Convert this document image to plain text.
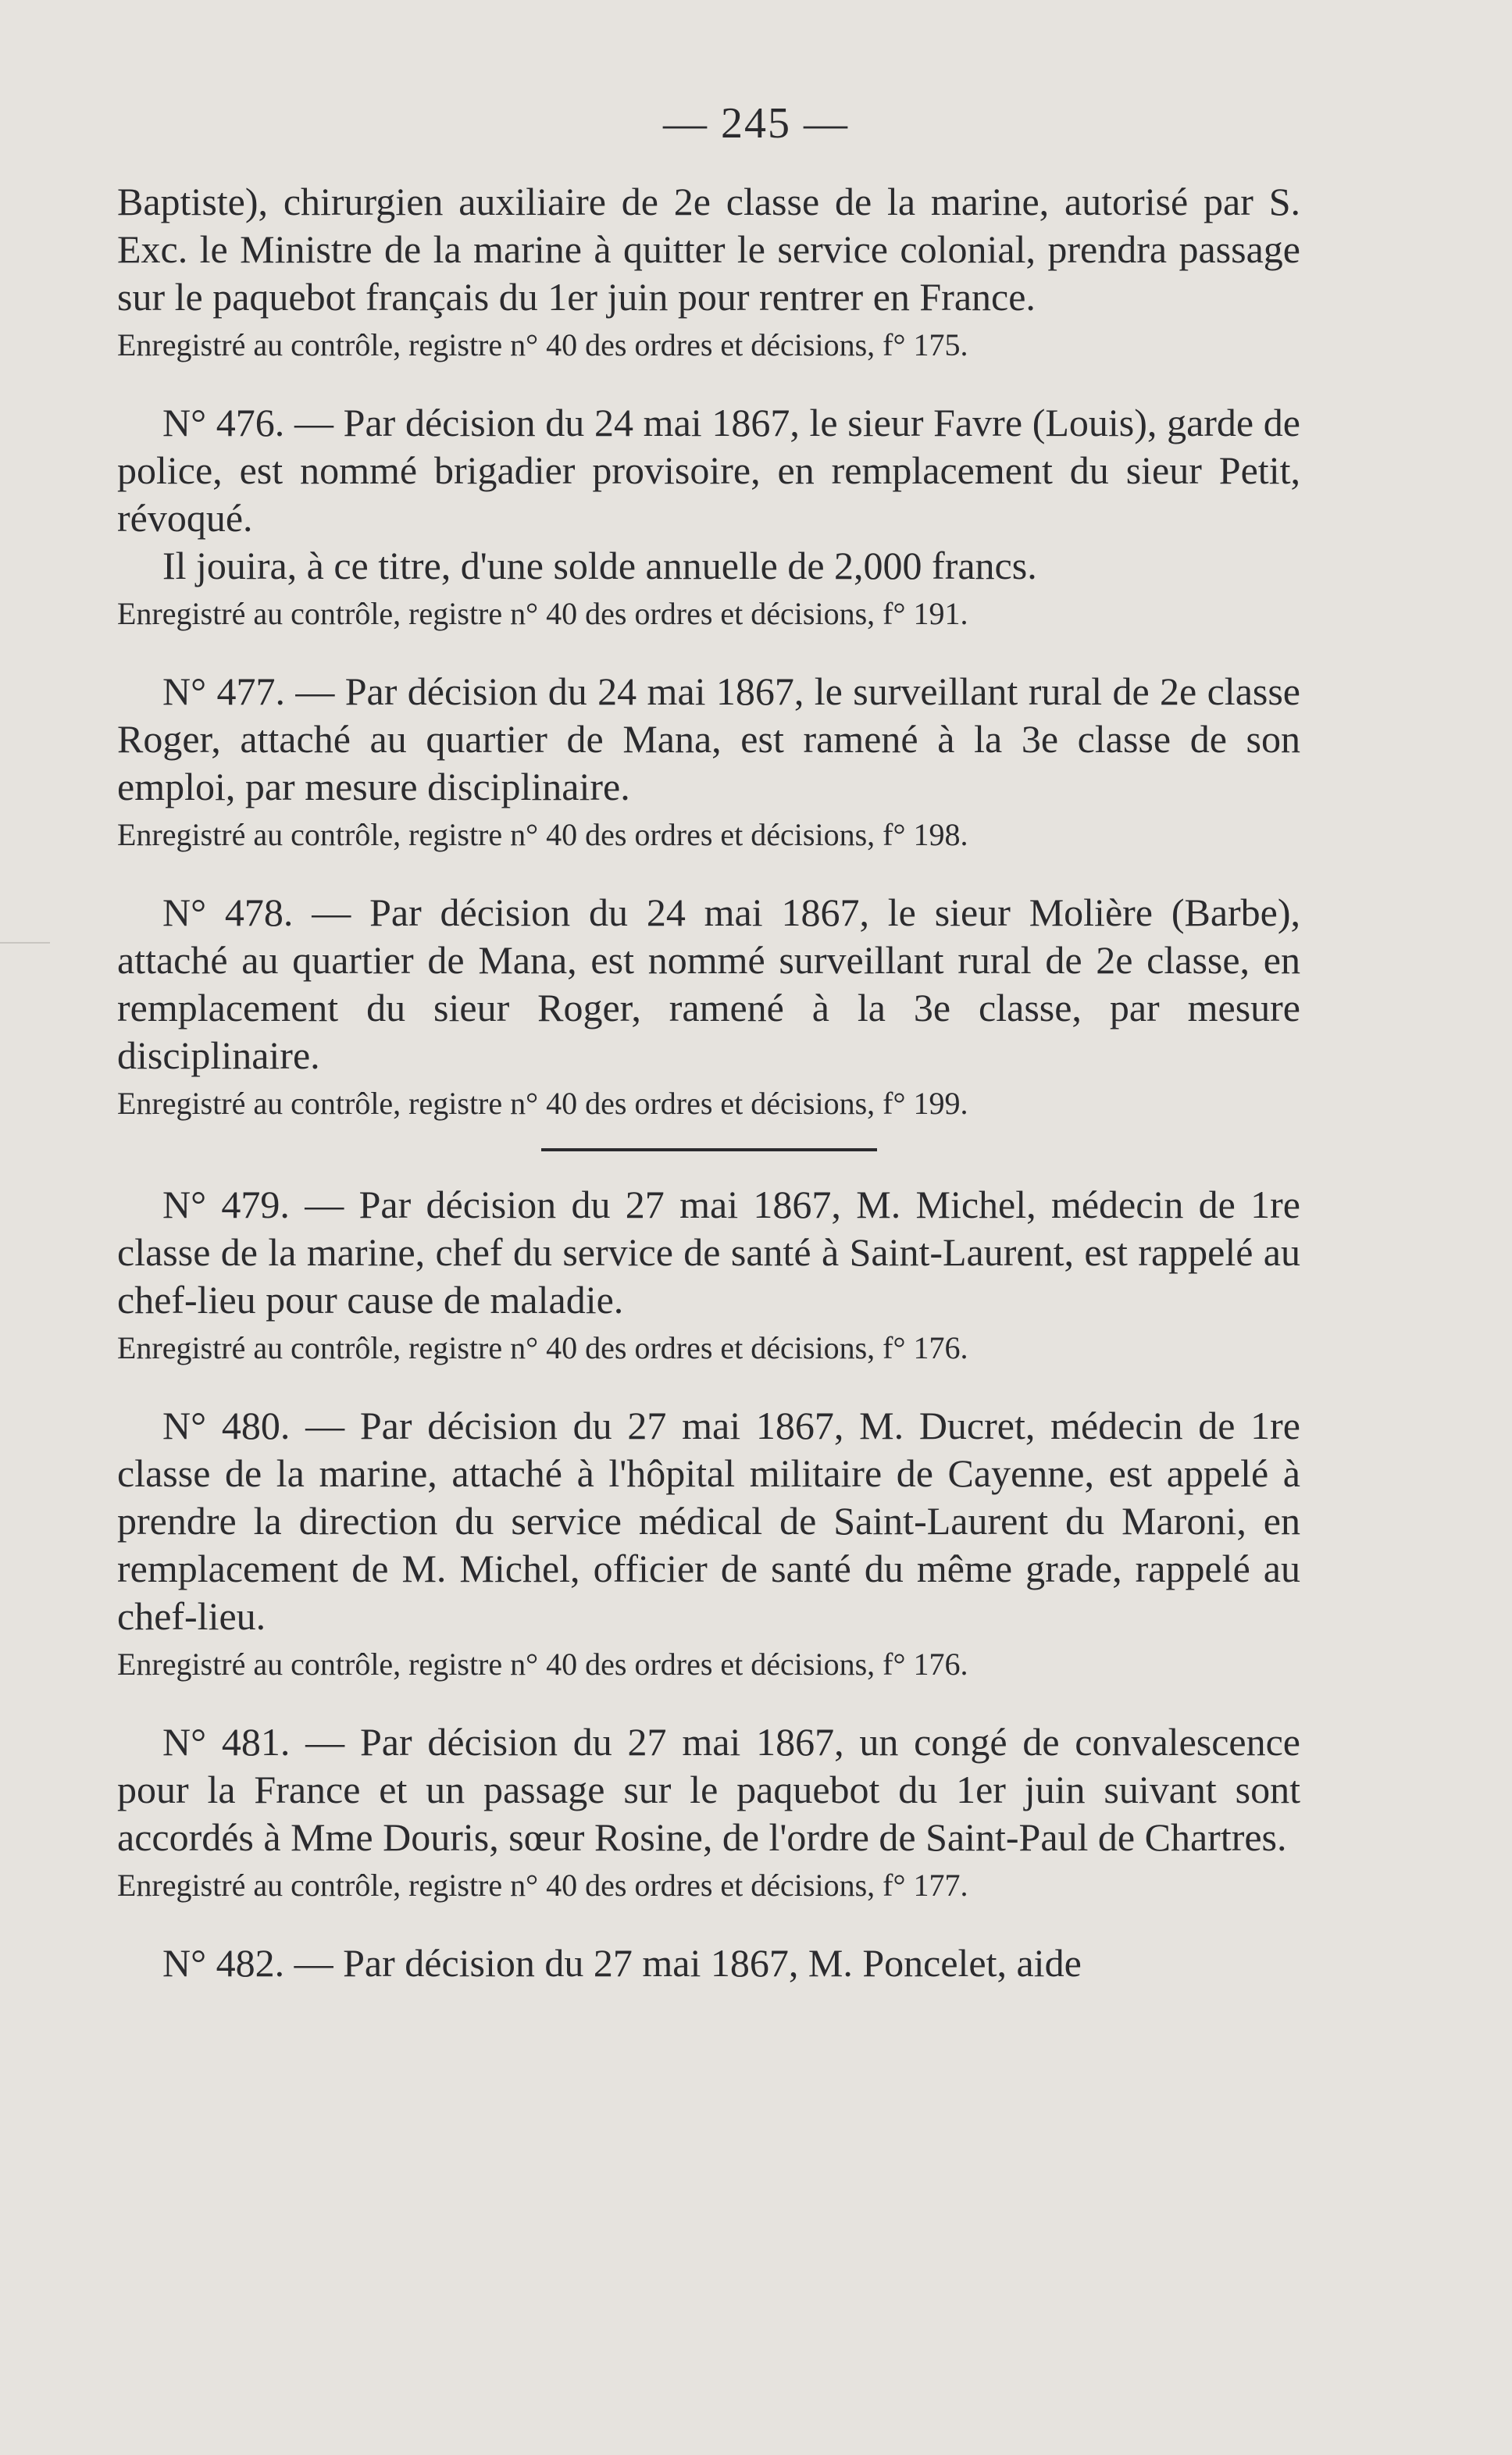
— 245 —

Baptiste), chirurgien auxiliaire de 2e classe de la marine, autorisé par S. Exc. le Ministre de la marine à quitter le service colonial, prendra passage sur le paquebot français du 1er juin pour rentrer en France.

Enregistré au contrôle, registre n° 40 des ordres et décisions, f° 175.

N° 476. — Par décision du 24 mai 1867, le sieur Favre (Louis), garde de police, est nommé brigadier provisoire, en remplacement du sieur Petit, révoqué.

Il jouira, à ce titre, d'une solde annuelle de 2,000 francs.

Enregistré au contrôle, registre n° 40 des ordres et décisions, f° 191.

N° 477. — Par décision du 24 mai 1867, le surveillant rural de 2e classe Roger, attaché au quartier de Mana, est ramené à la 3e classe de son emploi, par mesure disciplinaire.

Enregistré au contrôle, registre n° 40 des ordres et décisions, f° 198.

N° 478. — Par décision du 24 mai 1867, le sieur Molière (Barbe), attaché au quartier de Mana, est nommé surveillant rural de 2e classe, en remplacement du sieur Roger, ramené à la 3e classe, par mesure disciplinaire.

Enregistré au contrôle, registre n° 40 des ordres et décisions, f° 199.

N° 479. — Par décision du 27 mai 1867, M. Michel, médecin de 1re classe de la marine, chef du service de santé à Saint-Laurent, est rappelé au chef-lieu pour cause de maladie.

Enregistré au contrôle, registre n° 40 des ordres et décisions, f° 176.

N° 480. — Par décision du 27 mai 1867, M. Ducret, médecin de 1re classe de la marine, attaché à l'hôpital militaire de Cayenne, est appelé à prendre la direction du service médical de Saint-Laurent du Maroni, en remplacement de M. Michel, officier de santé du même grade, rappelé au chef-lieu.

Enregistré au contrôle, registre n° 40 des ordres et décisions, f° 176.

N° 481. — Par décision du 27 mai 1867, un congé de convalescence pour la France et un passage sur le paquebot du 1er juin suivant sont accordés à Mme Douris, sœur Rosine, de l'ordre de Saint-Paul de Chartres.

Enregistré au contrôle, registre n° 40 des ordres et décisions, f° 177.

N° 482. — Par décision du 27 mai 1867, M. Poncelet, aide
